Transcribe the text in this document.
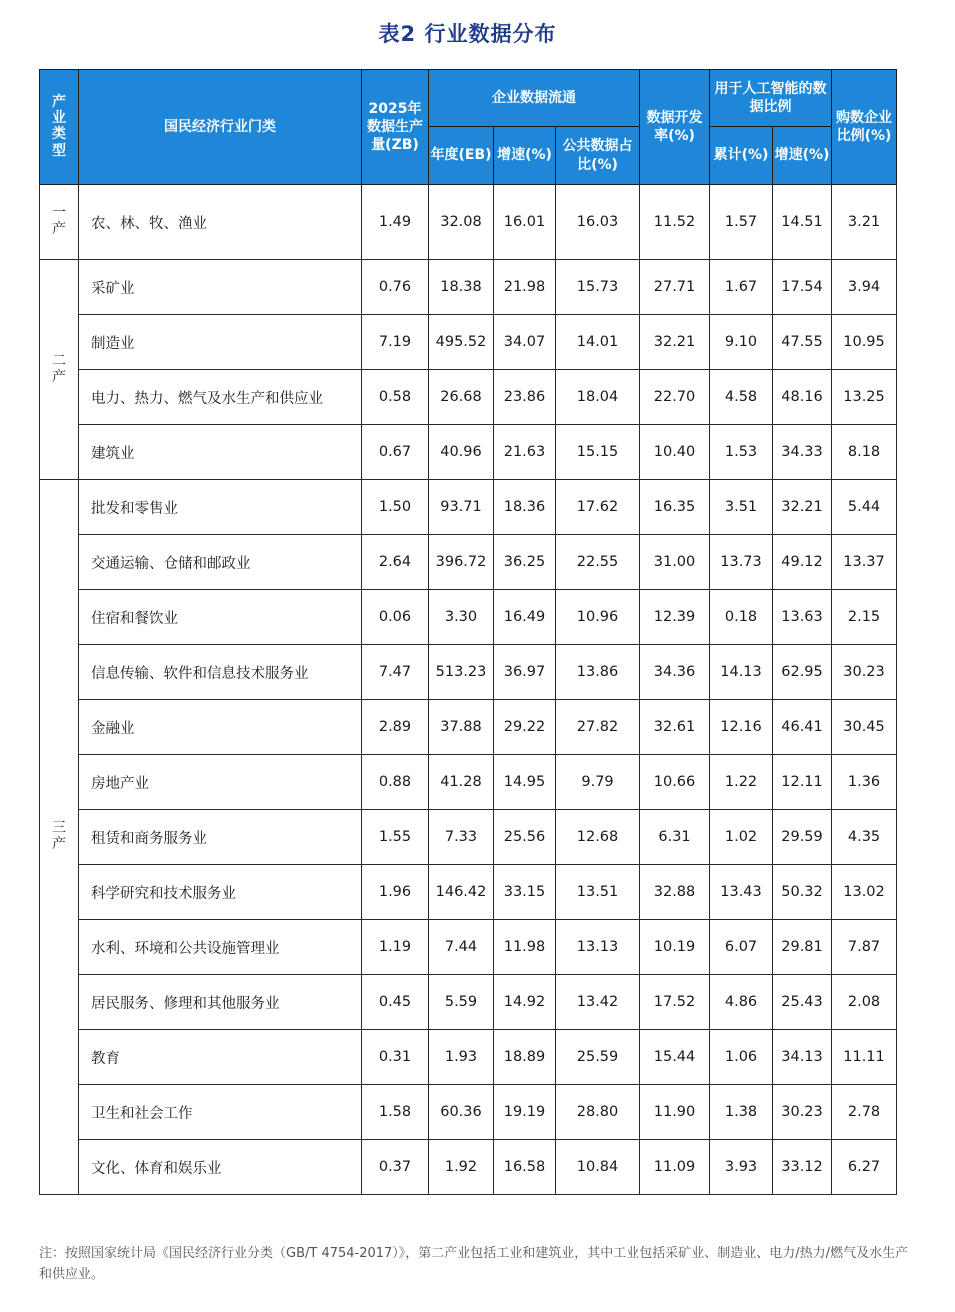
表2 行业数据分布
产业类型	国民经济行业门类	2025年数据生产量(ZB)	企业数据流通			数据开发率(%)	用于人工智能的数据比例		购数企业比例(%)
			年度(EB)	增速(%)	公共数据占比(%)		累计(%)	增速(%)	
一产	农、林、牧、渔业	1.49	32.08	16.01	16.03	11.52	1.57	14.51	3.21
二产	采矿业	0.76	18.38	21.98	15.73	27.71	1.67	17.54	3.94
	制造业	7.19	495.52	34.07	14.01	32.21	9.10	47.55	10.95
	电力、热力、燃气及水生产和供应业	0.58	26.68	23.86	18.04	22.70	4.58	48.16	13.25
	建筑业	0.67	40.96	21.63	15.15	10.40	1.53	34.33	8.18
三产	批发和零售业	1.50	93.71	18.36	17.62	16.35	3.51	32.21	5.44
	交通运输、仓储和邮政业	2.64	396.72	36.25	22.55	31.00	13.73	49.12	13.37
	住宿和餐饮业	0.06	3.30	16.49	10.96	12.39	0.18	13.63	2.15
	信息传输、软件和信息技术服务业	7.47	513.23	36.97	13.86	34.36	14.13	62.95	30.23
	金融业	2.89	37.88	29.22	27.82	32.61	12.16	46.41	30.45
	房地产业	0.88	41.28	14.95	9.79	10.66	1.22	12.11	1.36
	租赁和商务服务业	1.55	7.33	25.56	12.68	6.31	1.02	29.59	4.35
	科学研究和技术服务业	1.96	146.42	33.15	13.51	32.88	13.43	50.32	13.02
	水利、环境和公共设施管理业	1.19	7.44	11.98	13.13	10.19	6.07	29.81	7.87
	居民服务、修理和其他服务业	0.45	5.59	14.92	13.42	17.52	4.86	25.43	2.08
	教育	0.31	1.93	18.89	25.59	15.44	1.06	34.13	11.11
	卫生和社会工作	1.58	60.36	19.19	28.80	11.90	1.38	30.23	2.78
	文化、体育和娱乐业	0.37	1.92	16.58	10.84	11.09	3.93	33.12	6.27
注：按照国家统计局《国民经济行业分类（GB/T 4754-2017）》，第二产业包括工业和建筑业，其中工业包括采矿业、制造业、电力/热力/燃气及水生产和供应业。
